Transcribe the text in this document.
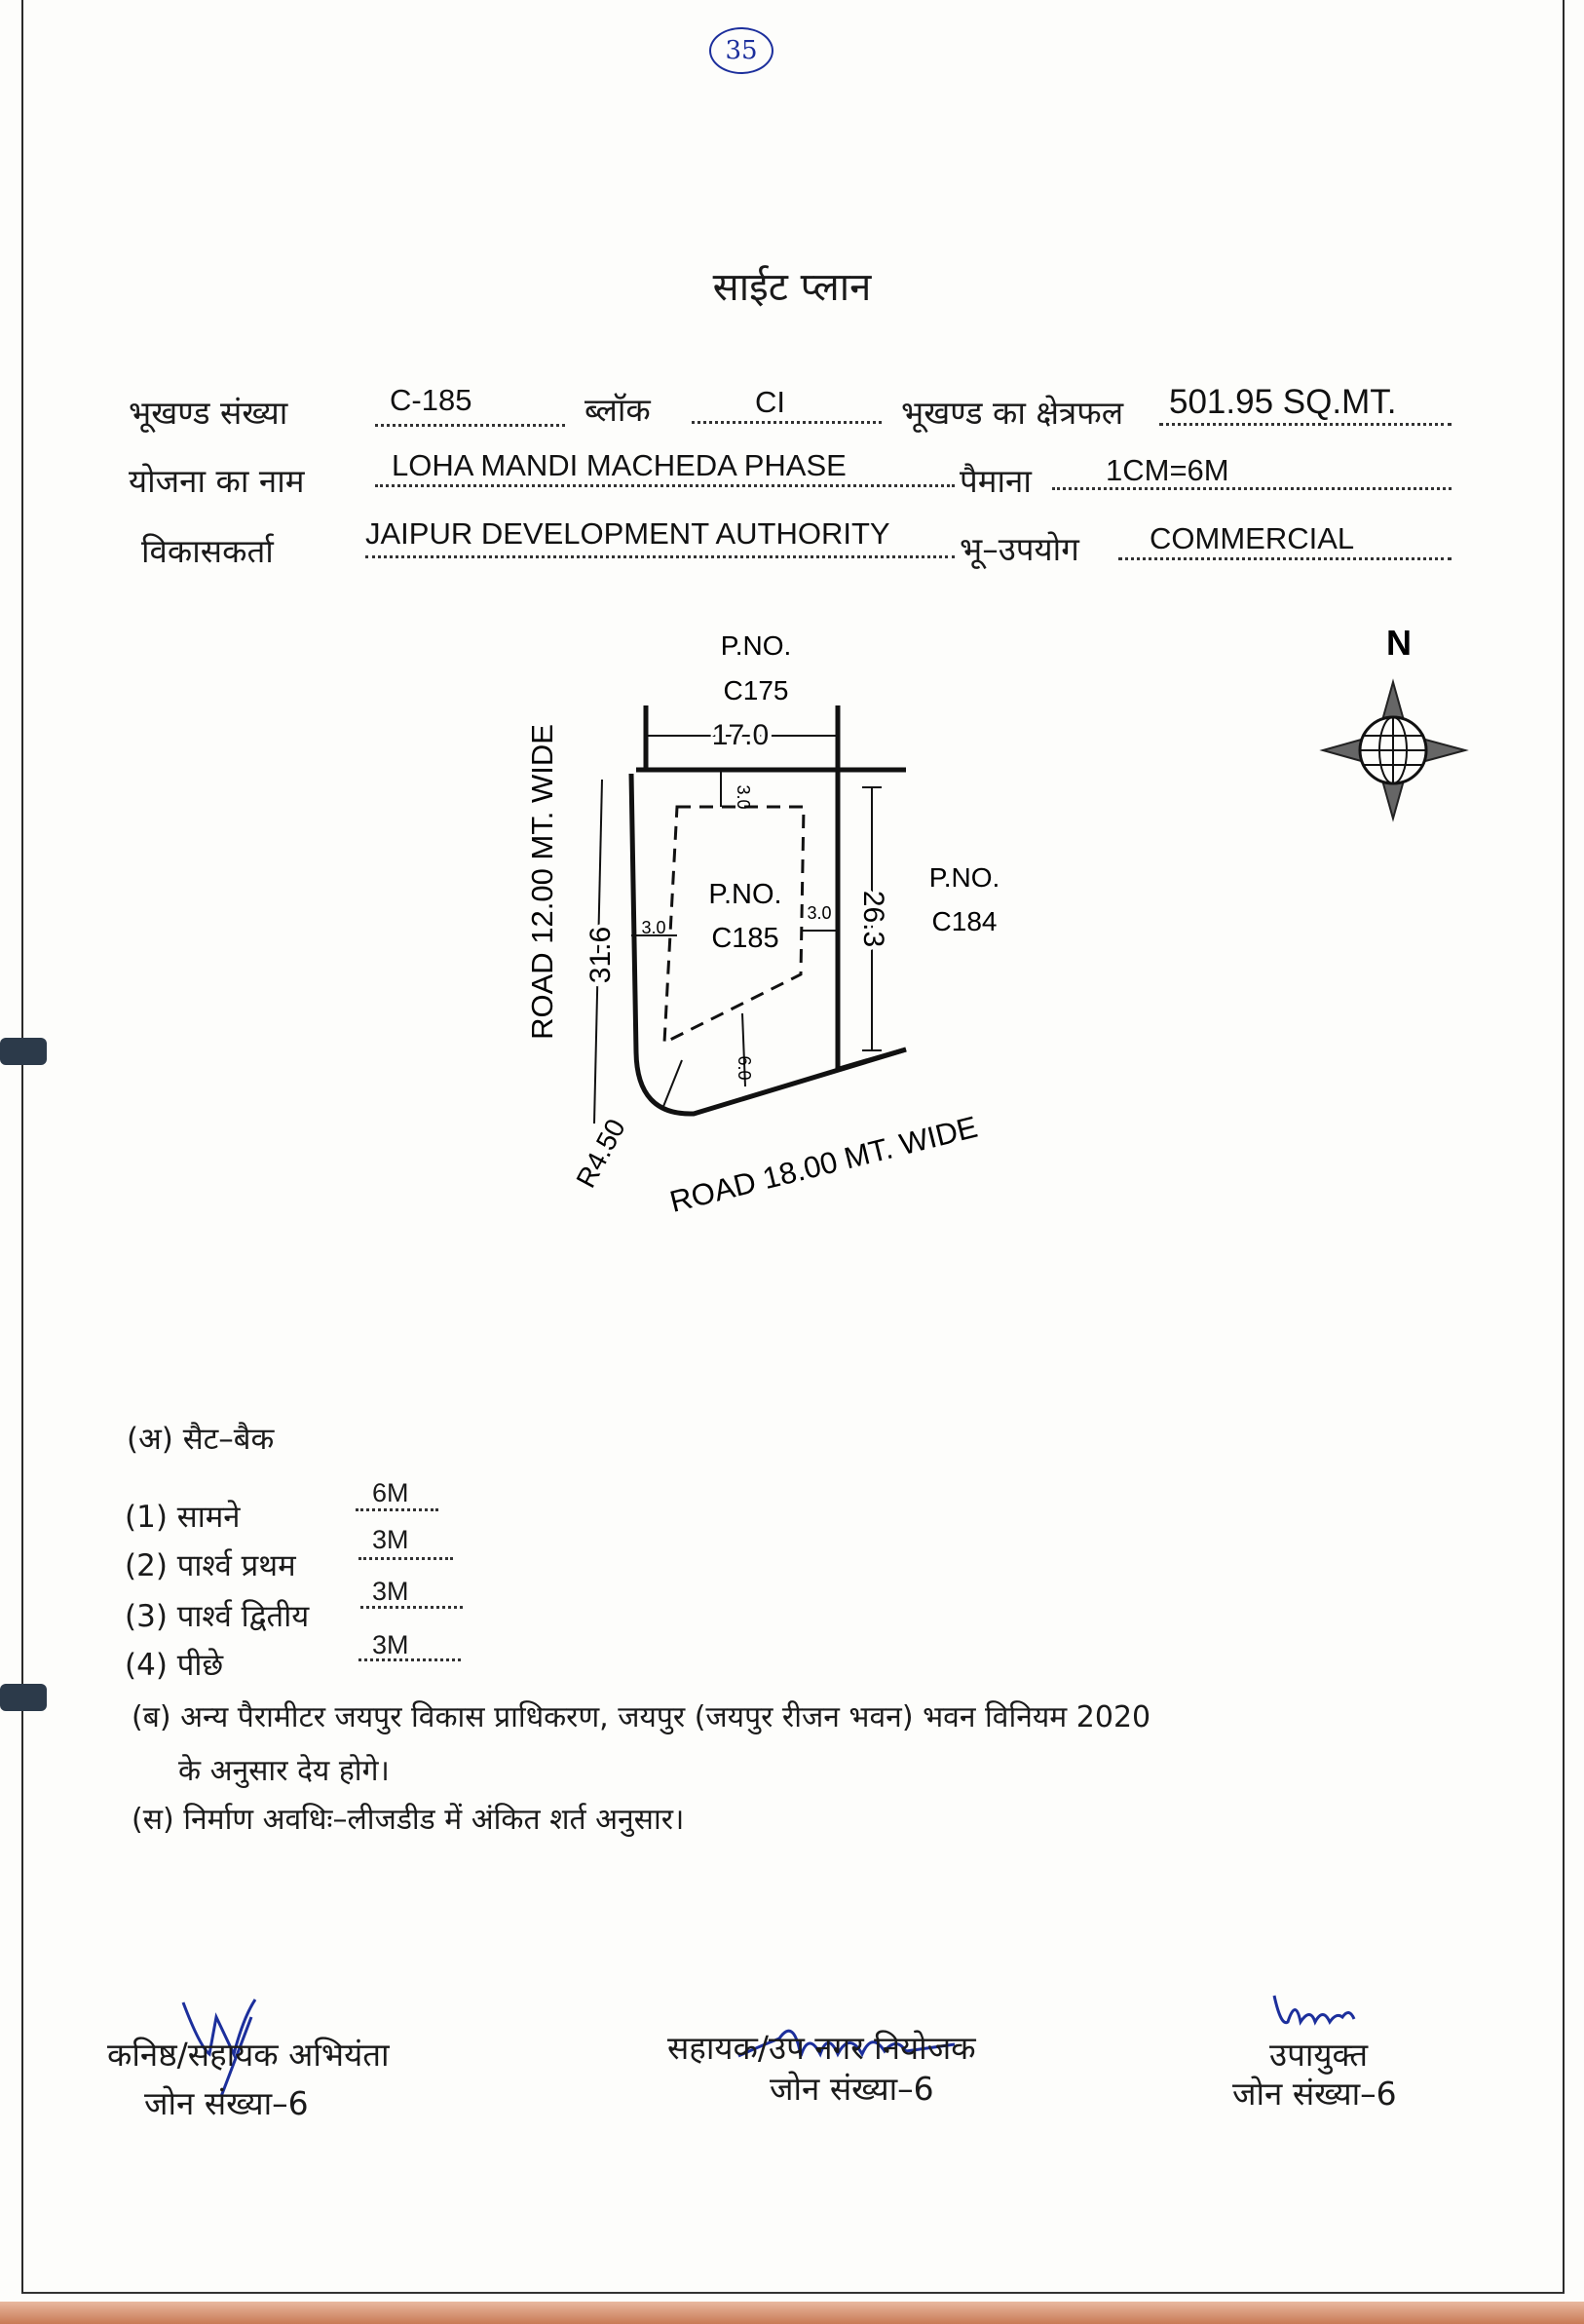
35
साईट प्लान
भूखण्ड संख्या	C-185	ब्लॉक	CI	भूखण्ड का क्षेत्रफल 501.95 SQ.MT.
योजना का नाम	LOHA MANDI MACHEDA PHASE	पैमाना 1CM=6M
विकासकर्ता	JAIPUR DEVELOPMENT AUTHORITY भू–उपयोग COMMERCIAL
P.NO.
C175
17.0
P.NO.
C184
P.NO.
C185
31.6
26.3
3.0
3.0
3.0
6.0
R4.50
ROAD 12.00 MT. WIDE
ROAD 18.00 MT. WIDE
N
(अ) सैट–बैक
(1) सामने
6M
(2) पार्श्व प्रथम
3M
(3) पार्श्व द्वितीय
3M
(4) पीछे
3M
(ब) अन्य पैरामीटर जयपुर विकास प्राधिकरण, जयपुर (जयपुर रीजन भवन) भवन विनियम 2020
के अनुसार देय होगे।
(स) निर्माण अवधिः–लीजडीड में अंकित शर्त अनुसार।
कनिष्ठ/सहायक अभियंता
जोन संख्या–6
सहायक/उप नगर नियोजक
जोन संख्या–6
उपायुक्त
जोन संख्या–6
